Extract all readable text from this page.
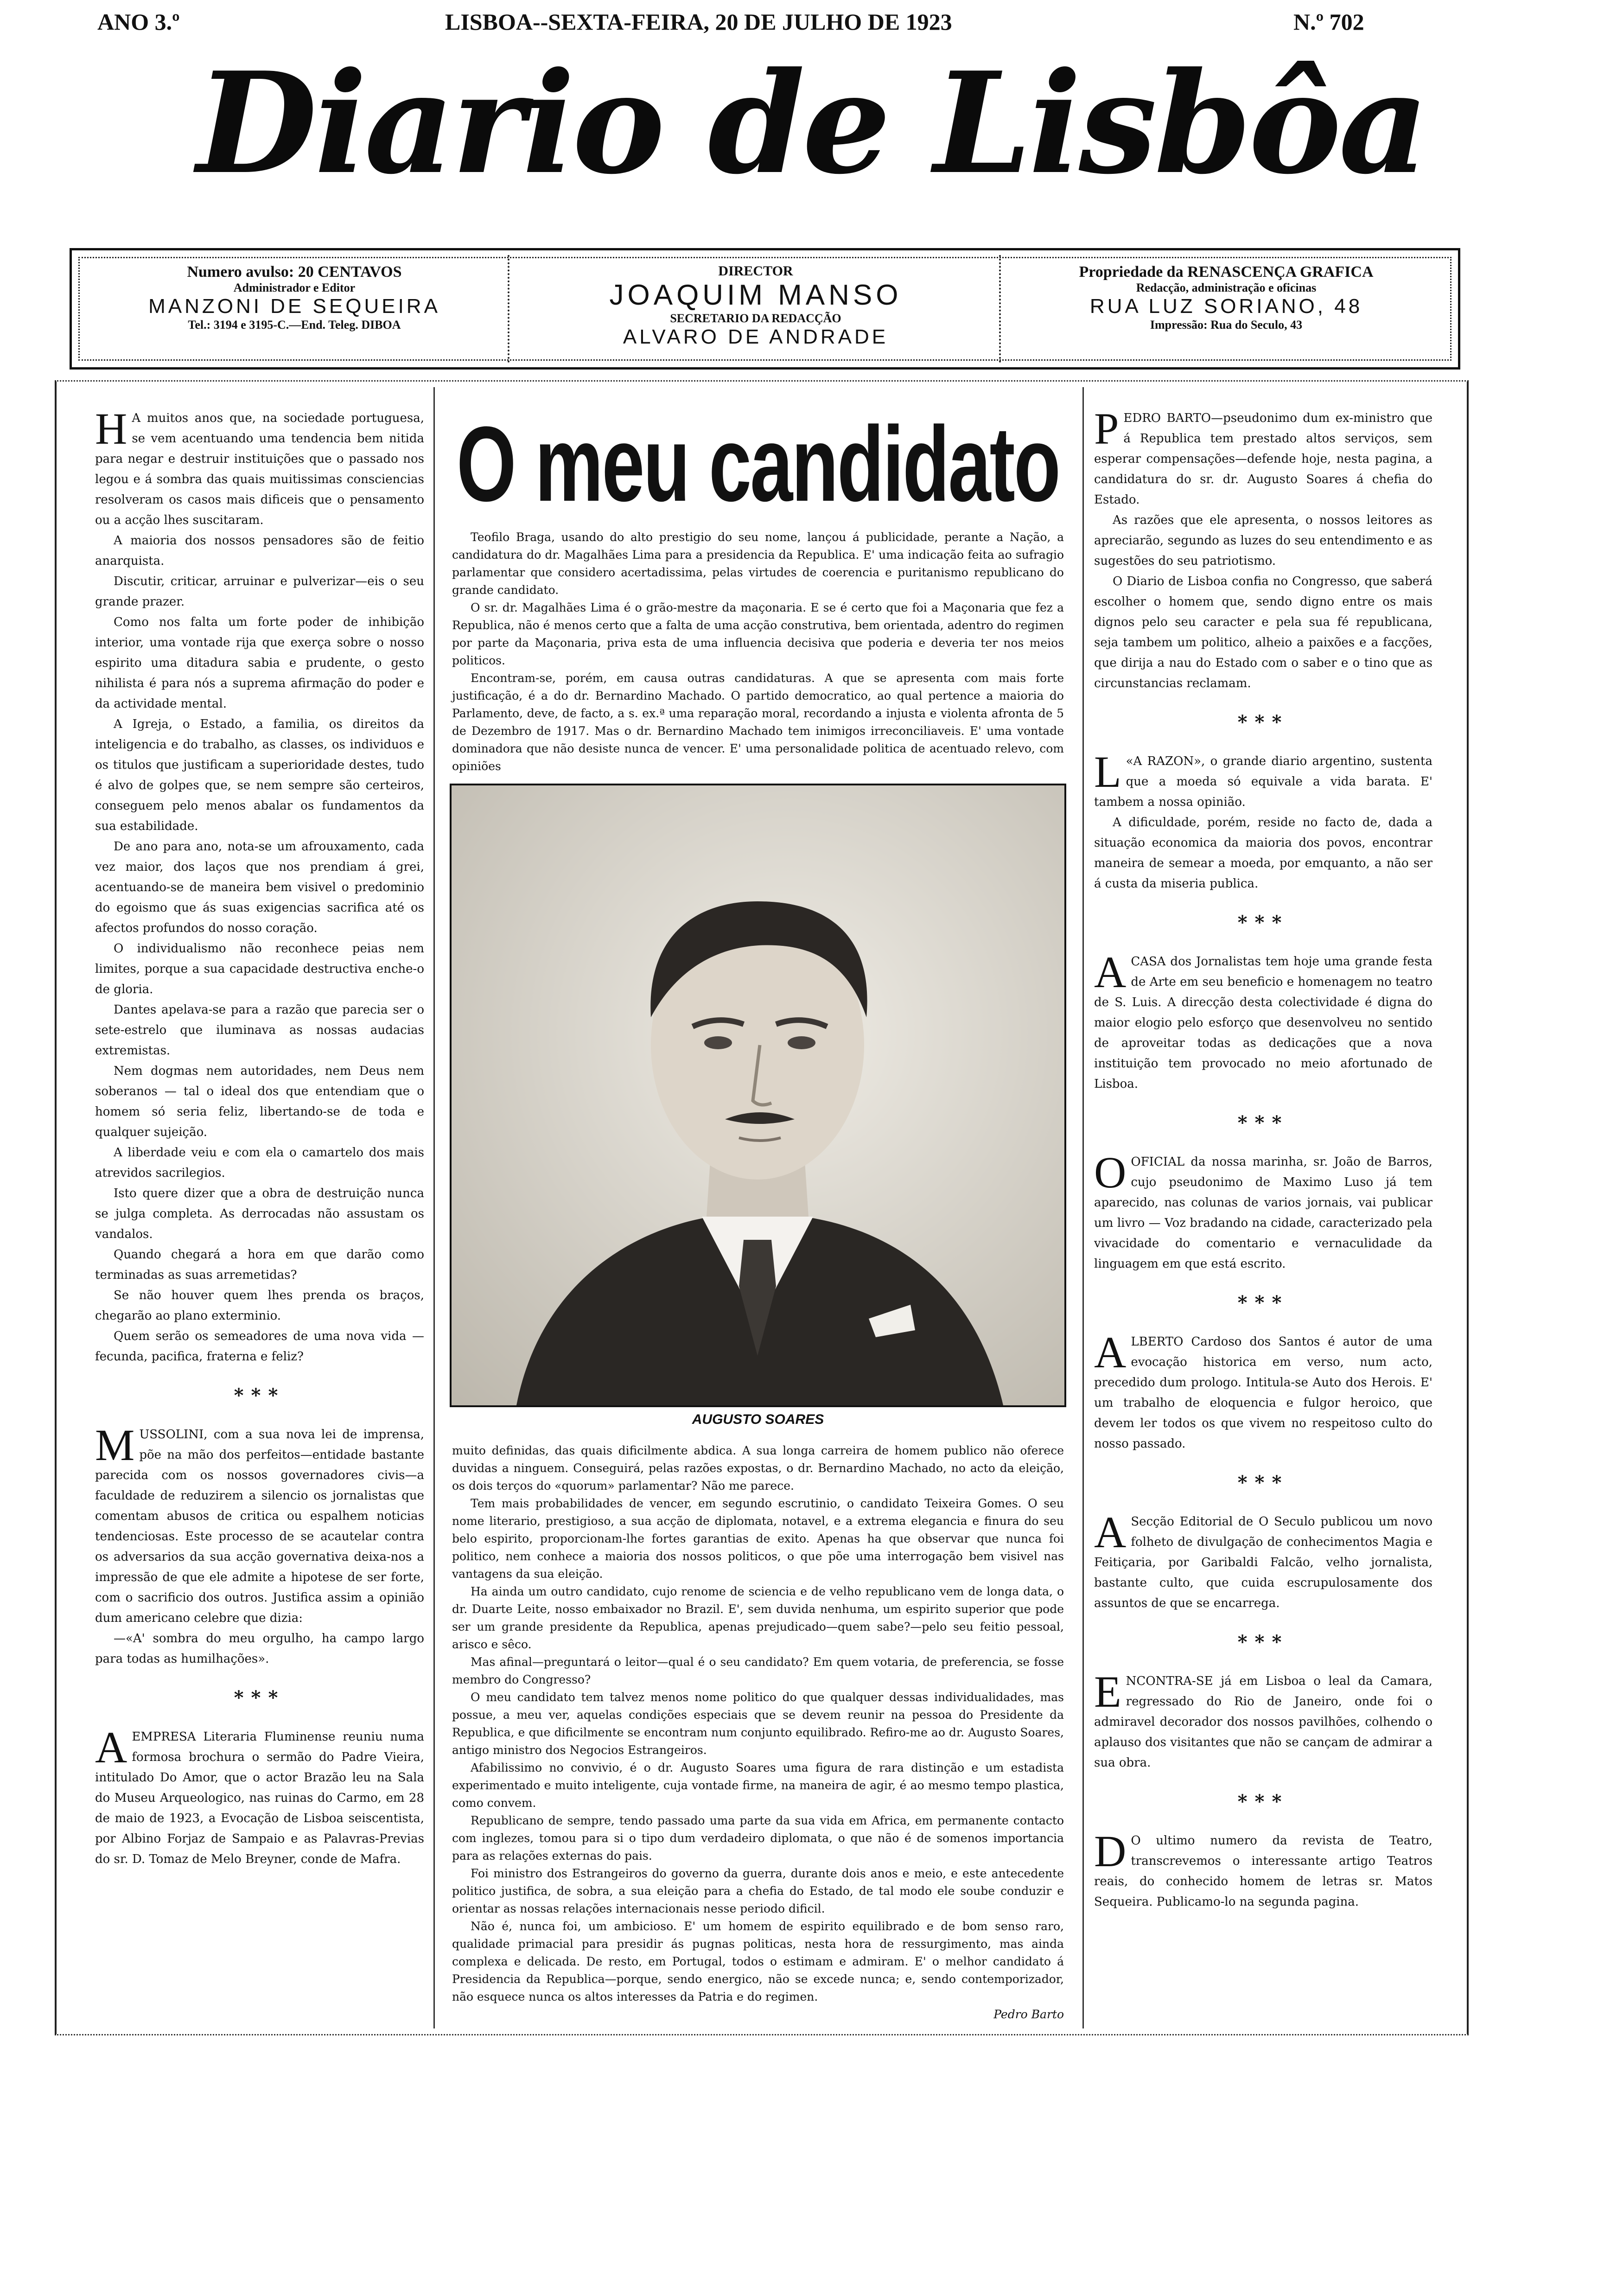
ANO 3.º	LISBOA--SEXTA-FEIRA, 20 DE JULHO DE 1923	N.º 702
Diario de Lisbôa
Numero avulso: 20 CENTAVOS
Administrador e Editor
MANZONI DE SEQUEIRA
Tel.: 3194 e 3195-C.—End. Teleg. DIBOA
DIRECTOR
JOAQUIM MANSO
SECRETARIO DA REDACÇÃO
ALVARO DE ANDRADE
Propriedade da RENASCENÇA GRAFICA
Redacção, administração e oficinas
RUA LUZ SORIANO, 48
Impressão: Rua do Seculo, 43

H A muitos anos que, na sociedade portuguesa, se vem acentuando uma tendencia bem nitida para negar e destruir instituições que o passado nos legou e á sombra das quais muitissimas consciencias resolveram os casos mais dificeis que o pensamento ou a acção lhes suscitaram.

A maioria dos nossos pensadores são de feitio anarquista.

Discutir, criticar, arruinar e pulverizar—eis o seu grande prazer.

Como nos falta um forte poder de inhibição interior, uma vontade rija que exerça sobre o nosso espirito uma ditadura sabia e prudente, o gesto nihilista é para nós a suprema afirmação do poder e da actividade mental.

A Igreja, o Estado, a familia, os direitos da inteligencia e do trabalho, as classes, os individuos e os titulos que justificam a superioridade destes, tudo é alvo de golpes que, se nem sempre são certeiros, conseguem pelo menos abalar os fundamentos da sua estabilidade.

De ano para ano, nota-se um afrouxamento, cada vez maior, dos laços que nos prendiam á grei, acentuando-se de maneira bem visivel o predominio do egoismo que ás suas exigencias sacrifica até os afectos profundos do nosso coração.

O individualismo não reconhece peias nem limites, porque a sua capacidade destructiva enche-o de gloria.

Dantes apelava-se para a razão que parecia ser o sete-estrelo que iluminava as nossas audacias extremistas.

Nem dogmas nem autoridades, nem Deus nem soberanos — tal o ideal dos que entendiam que o homem só seria feliz, libertando-se de toda e qualquer sujeição.

A liberdade veiu e com ela o camartelo dos mais atrevidos sacrilegios.

Isto quere dizer que a obra de destruição nunca se julga completa. As derrocadas não assustam os vandalos.

Quando chegará a hora em que darão como terminadas as suas arremetidas?

Se não houver quem lhes prenda os braços, chegarão ao plano exterminio.

Quem serão os semeadores de uma nova vida — fecunda, pacifica, fraterna e feliz?

***

MUSSOLINI, com a sua nova lei de imprensa, põe na mão dos perfeitos—entidade bastante parecida com os nossos governadores civis—a faculdade de reduzirem a silencio os jornalistas que comentam abusos de critica ou espalhem noticias tendenciosas. Este processo de se acautelar contra os adversarios da sua acção governativa deixa-nos a impressão de que ele admite a hipotese de ser forte, com o sacrificio dos outros. Justifica assim a opinião dum americano celebre que dizia:

—«A' sombra do meu orgulho, ha campo largo para todas as humilhações».

***

AEMPRESA Literaria Fluminense reuniu numa formosa brochura o sermão do Padre Vieira, intitulado Do Amor, que o actor Brazão leu na Sala do Museu Arqueologico, nas ruinas do Carmo, em 28 de maio de 1923, a Evocação de Lisboa seiscentista, por Albino Forjaz de Sampaio e as Palavras-Previas do sr. D. Tomaz de Melo Breyner, conde de Mafra.

O meu candidato

Teofilo Braga, usando do alto prestigio do seu nome, lançou á publicidade, perante a Nação, a candidatura do dr. Magalhães Lima para a presidencia da Republica. E' uma indicação feita ao sufragio parlamentar que considero acertadissima, pelas virtudes de coerencia e puritanismo republicano do grande candidato.

O sr. dr. Magalhães Lima é o grão-mestre da maçonaria. E se é certo que foi a Maçonaria que fez a Republica, não é menos certo que a falta de uma acção construtiva, bem orientada, adentro do regimen por parte da Maçonaria, priva esta de uma influencia decisiva que poderia e deveria ter nos meios politicos.

Encontram-se, porém, em causa outras candidaturas. A que se apresenta com mais forte justificação, é a do dr. Bernardino Machado. O partido democratico, ao qual pertence a maioria do Parlamento, deve, de facto, a s. ex.ª uma reparação moral, recordando a injusta e violenta afronta de 5 de Dezembro de 1917. Mas o dr. Bernardino Machado tem inimigos irreconciliaveis. E' uma vontade dominadora que não desiste nunca de vencer. E' uma personalidade politica de acentuado relevo, com opiniões

AUGUSTO SOARES

muito definidas, das quais dificilmente abdica. A sua longa carreira de homem publico não oferece duvidas a ninguem. Conseguirá, pelas razões expostas, o dr. Bernardino Machado, no acto da eleição, os dois terços do «quorum» parlamentar? Não me parece.

Tem mais probabilidades de vencer, em segundo escrutinio, o candidato Teixeira Gomes. O seu nome literario, prestigioso, a sua acção de diplomata, notavel, e a extrema elegancia e finura do seu belo espirito, proporcionam-lhe fortes garantias de exito. Apenas ha que observar que nunca foi politico, nem conhece a maioria dos nossos politicos, o que põe uma interrogação bem visivel nas vantagens da sua eleição.

Ha ainda um outro candidato, cujo renome de sciencia e de velho republicano vem de longa data, o dr. Duarte Leite, nosso embaixador no Brazil. E', sem duvida nenhuma, um espirito superior que pode ser um grande presidente da Republica, apenas prejudicado—quem sabe?—pelo seu feitio pessoal, arisco e sêco.

Mas afinal—preguntará o leitor—qual é o seu candidato? Em quem votaria, de preferencia, se fosse membro do Congresso?

O meu candidato tem talvez menos nome politico do que qualquer dessas individualidades, mas possue, a meu ver, aquelas condições especiais que se devem reunir na pessoa do Presidente da Republica, e que dificilmente se encontram num conjunto equilibrado. Refiro-me ao dr. Augusto Soares, antigo ministro dos Negocios Estrangeiros.

Afabilissimo no convivio, é o dr. Augusto Soares uma figura de rara distinção e um estadista experimentado e muito inteligente, cuja vontade firme, na maneira de agir, é ao mesmo tempo plastica, como convem.

Republicano de sempre, tendo passado uma parte da sua vida em Africa, em permanente contacto com inglezes, tomou para si o tipo dum verdadeiro diplomata, o que não é de somenos importancia para as relações externas do pais.

Foi ministro dos Estrangeiros do governo da guerra, durante dois anos e meio, e este antecedente politico justifica, de sobra, a sua eleição para a chefia do Estado, de tal modo ele soube conduzir e orientar as nossas relações internacionais nesse periodo dificil.

Não é, nunca foi, um ambicioso. E' um homem de espirito equilibrado e de bom senso raro, qualidade primacial para presidir ás pugnas politicas, nesta hora de ressurgimento, mas ainda complexa e delicada. De resto, em Portugal, todos o estimam e admiram. E' o melhor candidato á Presidencia da Republica—porque, sendo energico, não se excede nunca; e, sendo contemporizador, não esquece nunca os altos interesses da Patria e do regimen.

Pedro Barto

PEDRO BARTO—pseudonimo dum ex-ministro que á Republica tem prestado altos serviços, sem esperar compensações—defende hoje, nesta pagina, a candidatura do sr. dr. Augusto Soares á chefia do Estado.

As razões que ele apresenta, o nossos leitores as apreciarão, segundo as luzes do seu entendimento e as sugestões do seu patriotismo.

O Diario de Lisboa confia no Congresso, que saberá escolher o homem que, sendo digno entre os mais dignos pelo seu caracter e pela sua fé republicana, seja tambem um politico, alheio a paixões e a facções, que dirija a nau do Estado com o saber e o tino que as circunstancias reclamam.

***

L «A RAZON», o grande diario argentino, sustenta que a moeda só equivale a vida barata. E' tambem a nossa opinião.

A dificuldade, porém, reside no facto de, dada a situação economica da maioria dos povos, encontrar maneira de semear a moeda, por emquanto, a não ser á custa da miseria publica.

***

ACASA dos Jornalistas tem hoje uma grande festa de Arte em seu beneficio e homenagem no teatro de S. Luis. A direcção desta colectividade é digna do maior elogio pelo esforço que desenvolveu no sentido de aproveitar todas as dedicações que a nova instituição tem provocado no meio afortunado de Lisboa.

***

OOFICIAL da nossa marinha, sr. João de Barros, cujo pseudonimo de Maximo Luso já tem aparecido, nas colunas de varios jornais, vai publicar um livro — Voz bradando na cidade, caracterizado pela vivacidade do comentario e vernaculidade da linguagem em que está escrito.

***

ALBERTO Cardoso dos Santos é autor de uma evocação historica em verso, num acto, precedido dum prologo. Intitula-se Auto dos Herois. E' um trabalho de eloquencia e fulgor heroico, que devem ler todos os que vivem no respeitoso culto do nosso passado.

***

A Secção Editorial de O Seculo publicou um novo folheto de divulgação de conhecimentos Magia e Feitiçaria, por Garibaldi Falcão, velho jornalista, bastante culto, que cuida escrupulosamente dos assuntos de que se encarrega.

***

ENCONTRA-SE já em Lisboa o leal da Camara, regressado do Rio de Janeiro, onde foi o admiravel decorador dos nossos pavilhões, colhendo o aplauso dos visitantes que não se cançam de admirar a sua obra.

***

D O ultimo numero da revista de Teatro, transcrevemos o interessante artigo Teatros reais, do conhecido homem de letras sr. Matos Sequeira. Publicamo-lo na segunda pagina.
